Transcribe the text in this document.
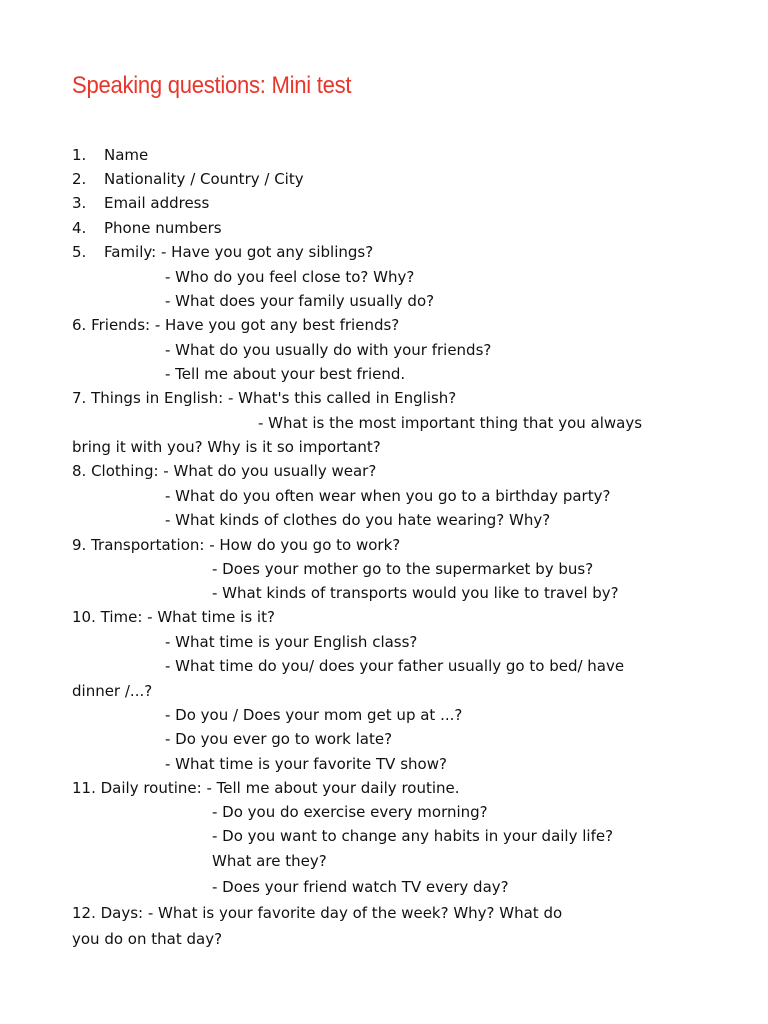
Speaking questions: Mini test
1. Name
2. Nationality / Country / City
3. Email address
4. Phone numbers
5. Family: - Have you got any siblings?
- Who do you feel close to? Why?
- What does your family usually do?
6. Friends: - Have you got any best friends?
- What do you usually do with your friends?
- Tell me about your best friend.
7. Things in English: - What's this called in English?
- What is the most important thing that you always
bring it with you? Why is it so important?
8. Clothing: - What do you usually wear?
- What do you often wear when you go to a birthday party?
- What kinds of clothes do you hate wearing? Why?
9. Transportation: - How do you go to work?
- Does your mother go to the supermarket by bus?
- What kinds of transports would you like to travel by?
10. Time: - What time is it?
- What time is your English class?
- What time do you/ does your father usually go to bed/ have
dinner /...?
- Do you / Does your mom get up at ...?
- Do you ever go to work late?
- What time is your favorite TV show?
11. Daily routine: - Tell me about your daily routine.
- Do you do exercise every morning?
- Do you want to change any habits in your daily life?
What are they?
- Does your friend watch TV every day?
12. Days: - What is your favorite day of the week? Why? What do
you do on that day?
